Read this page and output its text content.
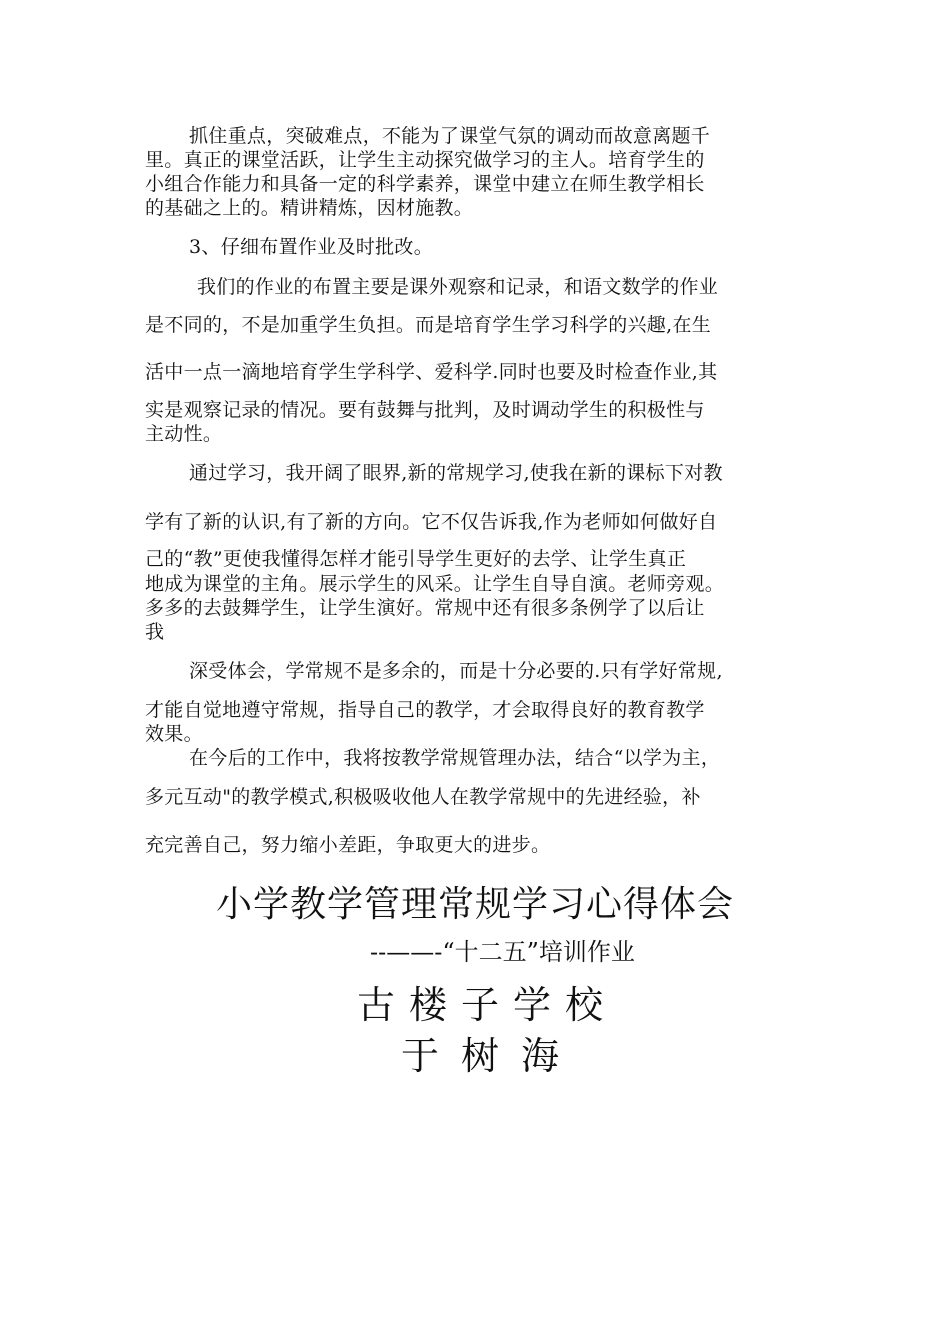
抓住重点，突破难点，不能为了课堂气氛的调动而故意离题千
里。真正的课堂活跃，让学生主动探究做学习的主人。培育学生的
小组合作能力和具备一定的科学素养，课堂中建立在师生教学相长
的基础之上的。精讲精炼，因材施教。
3、仔细布置作业及时批改。
我们的作业的布置主要是课外观察和记录，和语文数学的作业
是不同的，不是加重学生负担。而是培育学生学习科学的兴趣,在生
活中一点一滴地培育学生学科学、爱科学.同时也要及时检查作业,其
实是观察记录的情况。要有鼓舞与批判，及时调动学生的积极性与
主动性。
通过学习，我开阔了眼界,新的常规学习,使我在新的课标下对教
学有了新的认识,有了新的方向。它不仅告诉我,作为老师如何做好自
己的“教”更使我懂得怎样才能引导学生更好的去学、让学生真正
地成为课堂的主角。展示学生的风采。让学生自导自演。老师旁观。
多多的去鼓舞学生，让学生演好。常规中还有很多条例学了以后让
我
深受体会，学常规不是多余的，而是十分必要的.只有学好常规,
才能自觉地遵守常规，指导自己的教学，才会取得良好的教育教学
效果。
在今后的工作中，我将按教学常规管理办法，结合“以学为主，
多元互动"的教学模式,积极吸收他人在教学常规中的先进经验，补
充完善自己，努力缩小差距，争取更大的进步。
小学教学管理常规学习心得体会
--——-“十二五”培训作业
古楼子学校
于树海
